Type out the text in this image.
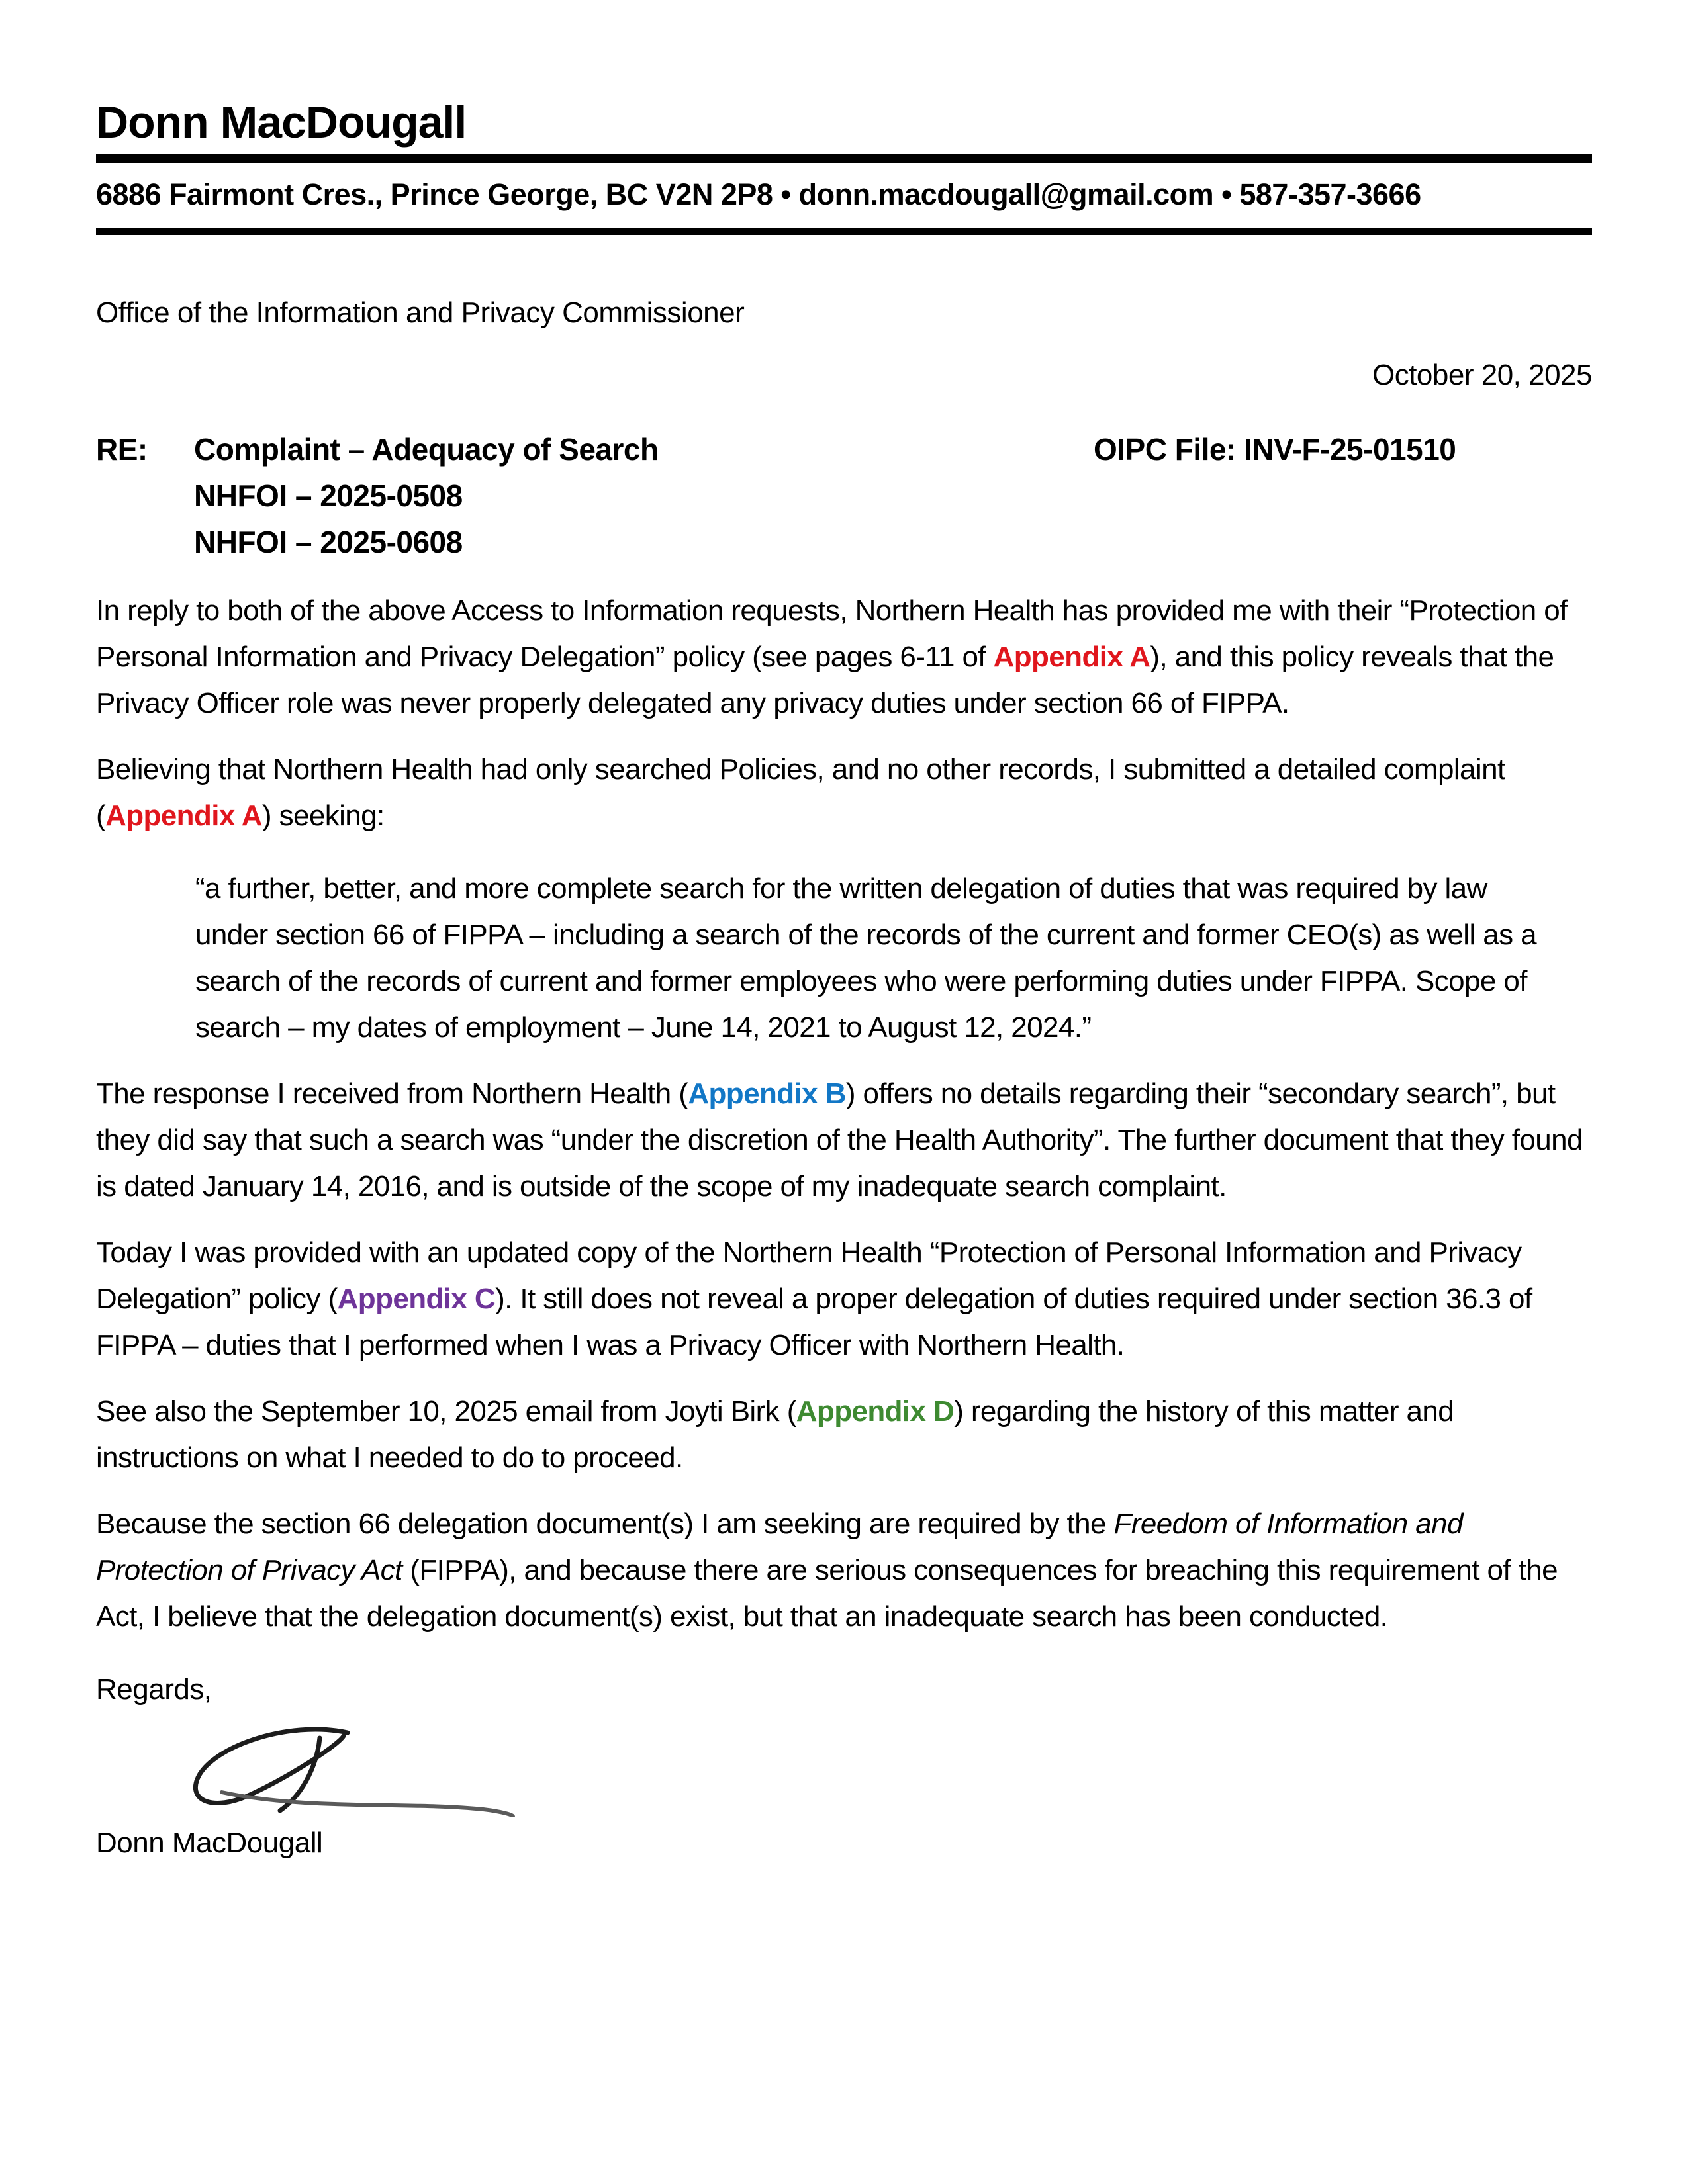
Donn MacDougall
6886 Fairmont Cres., Prince George, BC V2N 2P8 • donn.macdougall@gmail.com • 587-357-3666
Office of the Information and Privacy Commissioner
October 20, 2025
RE:	Complaint – Adequacy of Search	OIPC File: INV-F-25-01510
NHFOI – 2025-0508
NHFOI – 2025-0608

In reply to both of the above Access to Information requests, Northern Health has provided me with their “Protection of Personal Information and Privacy Delegation” policy (see pages 6-11 of Appendix A), and this policy reveals that the Privacy Officer role was never properly delegated any privacy duties under section 66 of FIPPA.

Believing that Northern Health had only searched Policies, and no other records, I submitted a detailed complaint (Appendix A) seeking:

“a further, better, and more complete search for the written delegation of duties that was required by law under section 66 of FIPPA – including a search of the records of the current and former CEO(s) as well as a search of the records of current and former employees who were performing duties under FIPPA. Scope of search – my dates of employment – June 14, 2021 to August 12, 2024.”

The response I received from Northern Health (Appendix B) offers no details regarding their “secondary search”, but they did say that such a search was “under the discretion of the Health Authority”. The further document that they found is dated January 14, 2016, and is outside of the scope of my inadequate search complaint.

Today I was provided with an updated copy of the Northern Health “Protection of Personal Information and Privacy Delegation” policy (Appendix C). It still does not reveal a proper delegation of duties required under section 36.3 of FIPPA – duties that I performed when I was a Privacy Officer with Northern Health.

See also the September 10, 2025 email from Joyti Birk (Appendix D) regarding the history of this matter and instructions on what I needed to do to proceed.

Because the section 66 delegation document(s) I am seeking are required by the Freedom of Information and Protection of Privacy Act (FIPPA), and because there are serious consequences for breaching this requirement of the Act, I believe that the delegation document(s) exist, but that an inadequate search has been conducted.

Regards,
Donn MacDougall
